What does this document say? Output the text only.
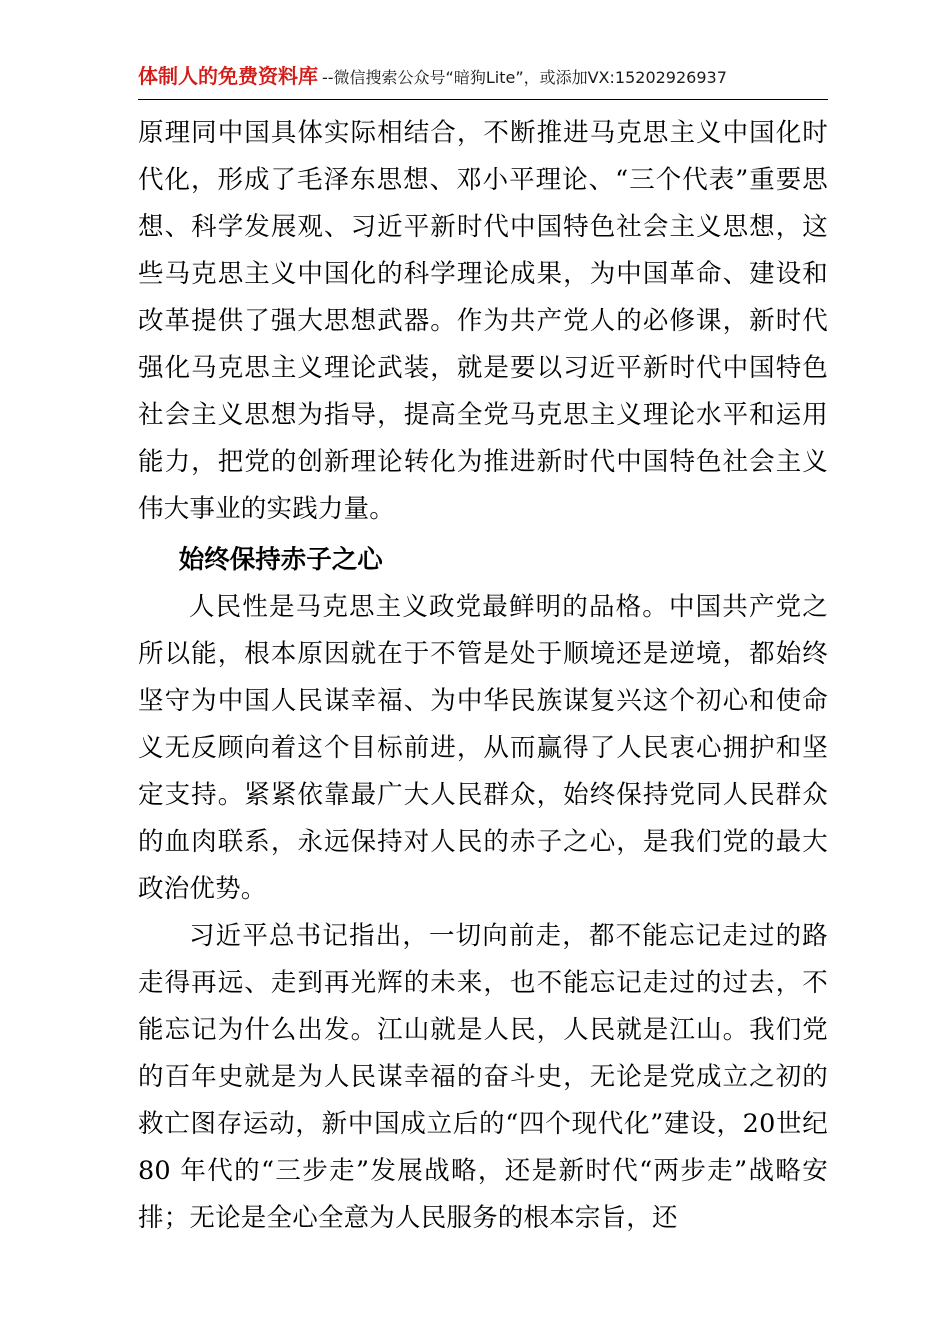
体制人的免费资料库 --微信搜索公众号“暗狗Lite”，或添加VX:15202926937

原理同中国具体实际相结合，不断推进马克思主义中国化时代化，形成了毛泽东思想、邓小平理论、“三个代表”重要思想、科学发展观、习近平新时代中国特色社会主义思想，这些马克思主义中国化的科学理论成果，为中国革命、建设和改革提供了强大思想武器。作为共产党人的必修课，新时代强化马克思主义理论武装，就是要以习近平新时代中国特色社会主义思想为指导，提高全党马克思主义理论水平和运用能力，把党的创新理论转化为推进新时代中国特色社会主义伟大事业的实践力量。

始终保持赤子之心

人民性是马克思主义政党最鲜明的品格。中国共产党之所以能，根本原因就在于不管是处于顺境还是逆境，都始终坚守为中国人民谋幸福、为中华民族谋复兴这个初心和使命义无反顾向着这个目标前进，从而赢得了人民衷心拥护和坚定支持。紧紧依靠最广大人民群众，始终保持党同人民群众的血肉联系，永远保持对人民的赤子之心，是我们党的最大政治优势。

习近平总书记指出，一切向前走，都不能忘记走过的路走得再远、走到再光辉的未来，也不能忘记走过的过去，不能忘记为什么出发。江山就是人民，人民就是江山。我们党的百年史就是为人民谋幸福的奋斗史，无论是党成立之初的救亡图存运动，新中国成立后的“四个现代化”建设，20世纪 80 年代的“三步走”发展战略，还是新时代“两步走”战略安排；无论是全心全意为人民服务的根本宗旨，还
